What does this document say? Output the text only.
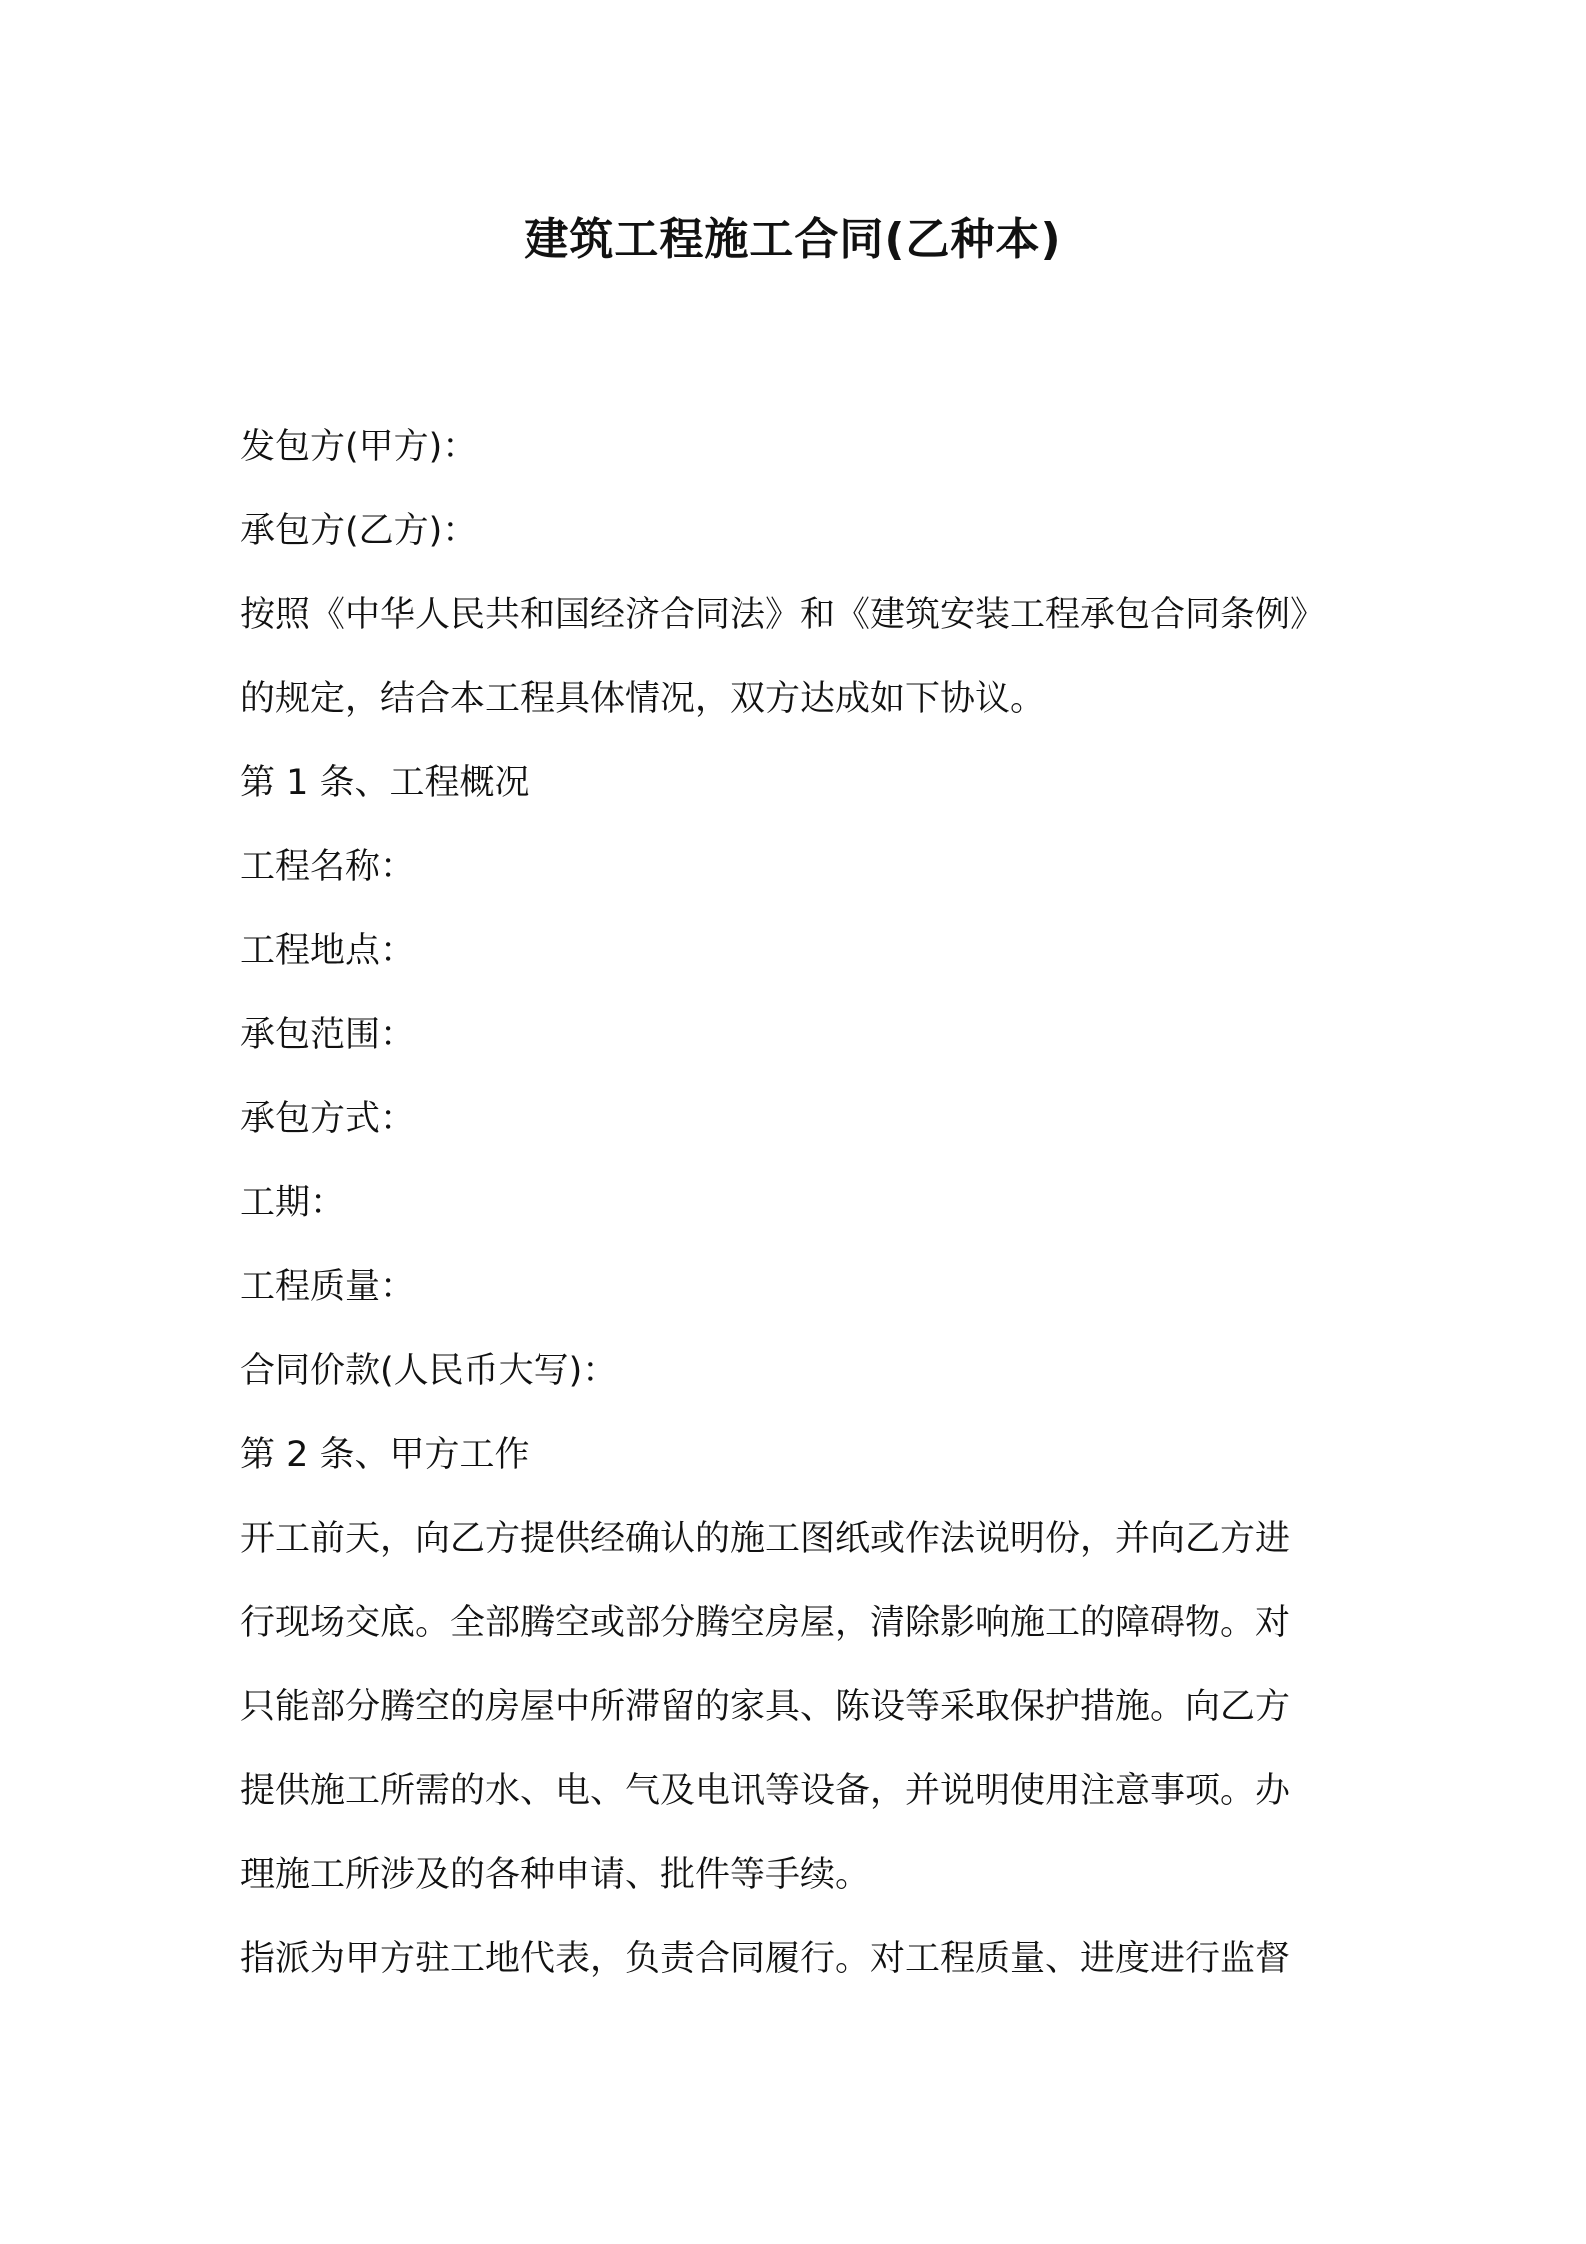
建筑工程施工合同(乙种本)
发包方(甲方)：
承包方(乙方)：
按照《中华人民共和国经济合同法》和《建筑安装工程承包合同条例》
的规定，结合本工程具体情况，双方达成如下协议。
第 1 条、工程概况
工程名称：
工程地点：
承包范围：
承包方式：
工期：
工程质量：
合同价款(人民币大写)：
第 2 条、甲方工作
开工前天，向乙方提供经确认的施工图纸或作法说明份，并向乙方进
行现场交底。全部腾空或部分腾空房屋，清除影响施工的障碍物。对
只能部分腾空的房屋中所滞留的家具、陈设等采取保护措施。向乙方
提供施工所需的水、电、气及电讯等设备，并说明使用注意事项。办
理施工所涉及的各种申请、批件等手续。
指派为甲方驻工地代表，负责合同履行。对工程质量、进度进行监督
